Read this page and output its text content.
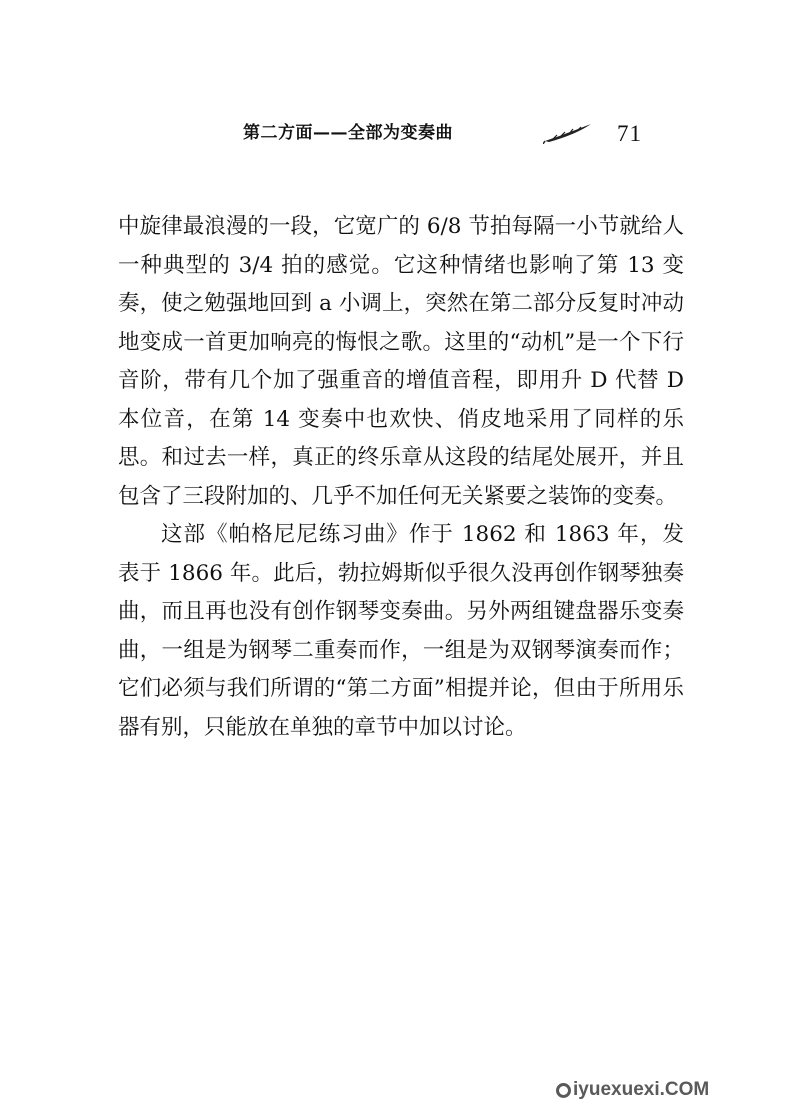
第二方面——全部为变奏曲	71

中旋律最浪漫的一段，它宽广的 6/8 节拍每隔一小节就给人一种典型的 3/4 拍的感觉。它这种情绪也影响了第 13 变奏，使之勉强地回到 a 小调上，突然在第二部分反复时冲动地变成一首更加响亮的悔恨之歌。这里的“动机”是一个下行音阶，带有几个加了强重音的增值音程，即用升 D 代替 D 本位音，在第 14 变奏中也欢快、俏皮地采用了同样的乐思。和过去一样，真正的终乐章从这段的结尾处展开，并且包含了三段附加的、几乎不加任何无关紧要之装饰的变奏。

这部《帕格尼尼练习曲》作于 1862 和 1863 年，发表于 1866 年。此后，勃拉姆斯似乎很久没再创作钢琴独奏曲，而且再也没有创作钢琴变奏曲。另外两组键盘器乐变奏曲，一组是为钢琴二重奏而作，一组是为双钢琴演奏而作；它们必须与我们所谓的“第二方面”相提并论，但由于所用乐器有别，只能放在单独的章节中加以讨论。

iyuexuexi.COM
